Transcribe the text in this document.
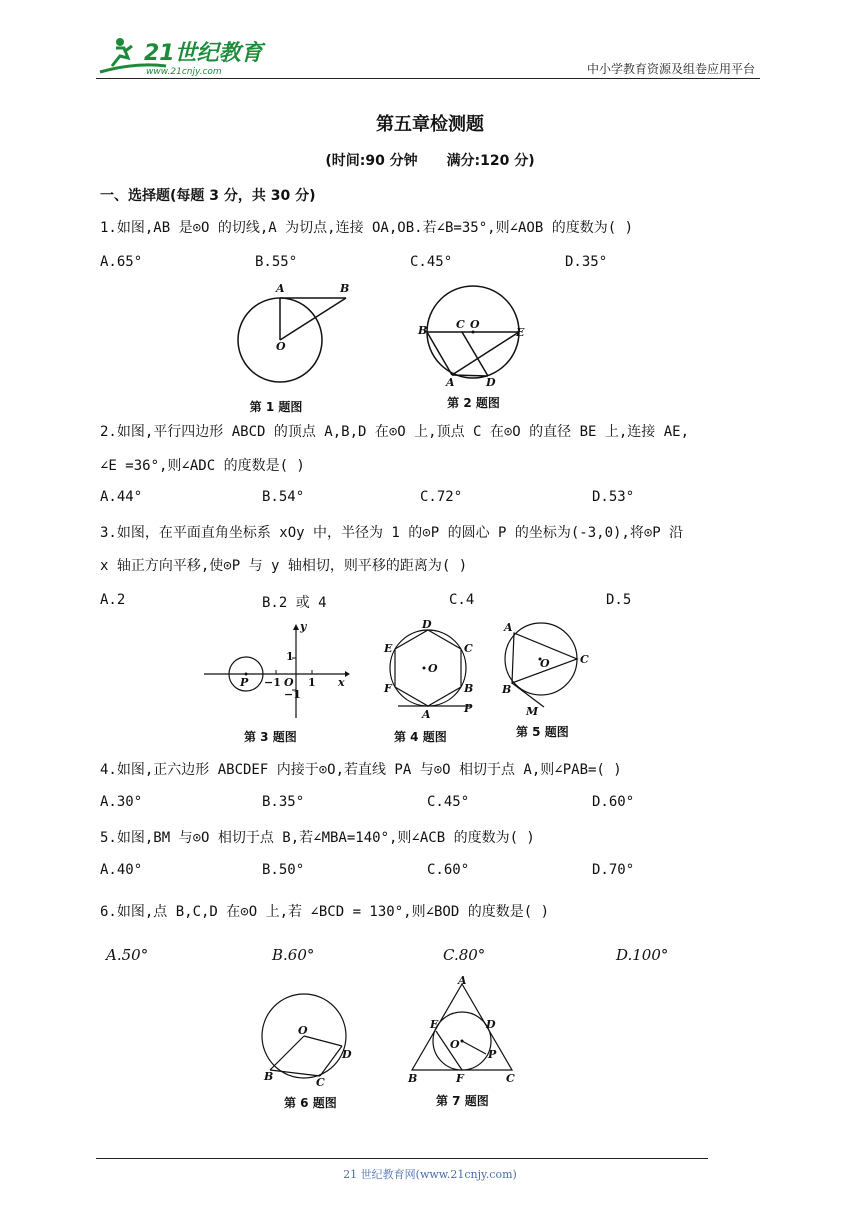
21世纪教育
www.21cnjy.com	中小学教育资源及组卷应用平台
第五章检测题
(时间:90 分钟 满分:120 分)
一、选择题(每题 3 分，共 30 分)
1.如图,AB 是⊙O 的切线,A 为切点,连接 OA,OB.若∠B=35°,则∠AOB 的度数为( )
A.65°	B.55°	C.45°	D.35°
A	B
O
第 1 题图
B	C O
E
A	D
第 2 题图
2.如图,平行四边形 ABCD 的顶点 A,B,D 在⊙O 上,顶点 C 在⊙O 的直径 BE 上,连接 AE,
∠E =36°,则∠ADC 的度数是( )
A.44°	B.54°	C.72°	D.53°
3.如图，在平面直角坐标系 xOy 中，半径为 1 的⊙P 的圆心 P 的坐标为(-3,0),将⊙P 沿
x 轴正方向平移,使⊙P 与 y 轴相切，则平移的距离为( )
A.2	B.2 或 4	C.4	D.5
y
x
P
1
−1 O 1
−1
第 3 题图
D
E	C
O
F	B
A	P
第 4 题图
A
C
O
B
M
第 5 题图
4.如图,正六边形 ABCDEF 内接于⊙O,若直线 PA 与⊙O 相切于点 A,则∠PAB=( )
A.30°	B.35°	C.45°	D.60°
5.如图,BM 与⊙O 相切于点 B,若∠MBA=140°,则∠ACB 的度数为( )
A.40°	B.50°	C.60°	D.70°
6.如图,点 B,C,D 在⊙O 上,若 ∠BCD = 130°,则∠BOD 的度数是( )
A.50°	B.60°	C.80°	D.100°
O
D
B	C
第 6 题图
A
E	D
O
P
B	F	C
第 7 题图
21 世纪教育网(www.21cnjy.com)
